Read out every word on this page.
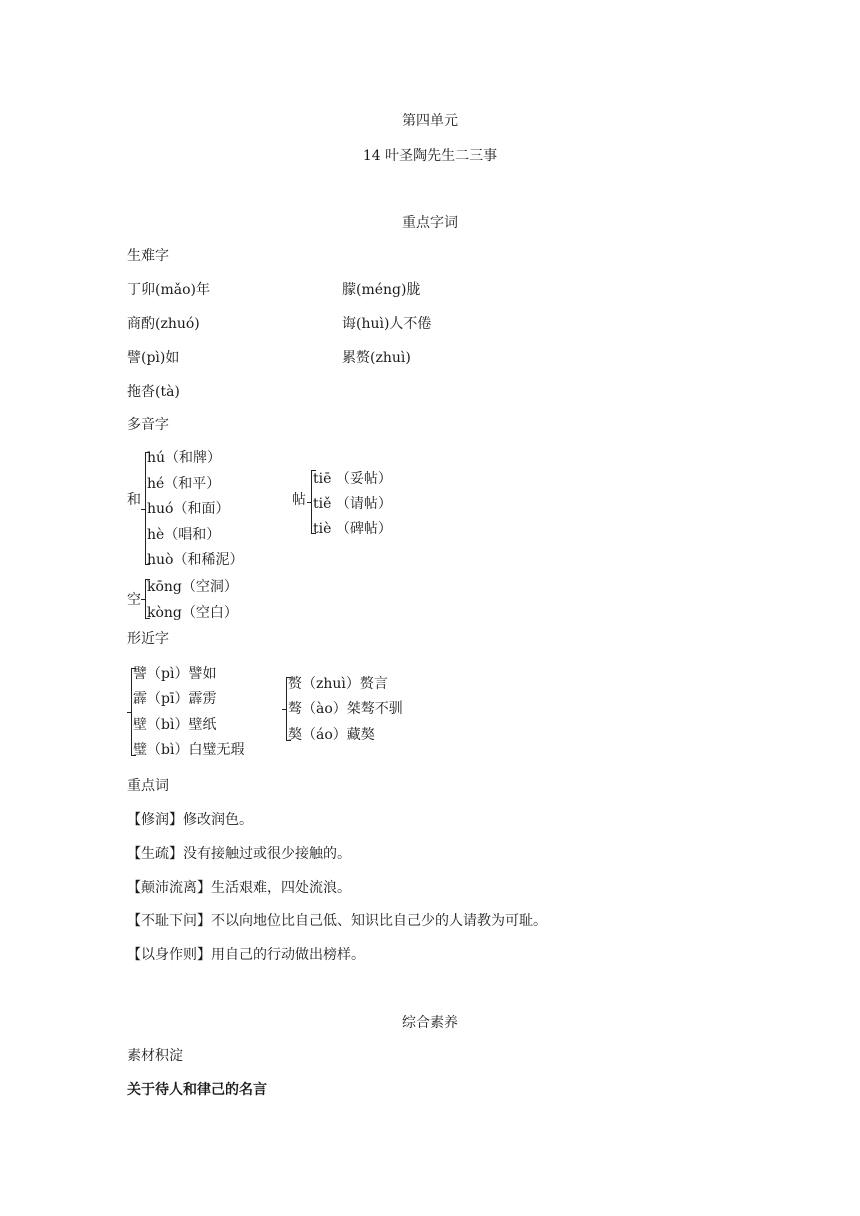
第四单元
14 叶圣陶先生二三事
重点字词
生难字
丁卯(mǎo)年	朦(méng)胧
商酌(zhuó)	诲(huì)人不倦
譬(pì)如	累赘(zhuì)
拖沓(tà)
多音字
和
hú（和牌）
hé（和平）
huó（和面）
hè（唱和）
huò（和稀泥）
帖
tiē （妥帖）
tiě （请帖）
tiè （碑帖）
空
kōng（空洞）
kòng（空白）
形近字
譬（pì）譬如
霹（pī）霹雳
壁（bì）壁纸
璧（bì）白璧无瑕
赘（zhuì）赘言
骜（ào）桀骜不驯
獒（áo）藏獒
重点词
【修润】修改润色。
【生疏】没有接触过或很少接触的。
【颠沛流离】生活艰难，四处流浪。
【不耻下问】不以向地位比自己低、知识比自己少的人请教为可耻。
【以身作则】用自己的行动做出榜样。
综合素养
素材积淀
关于待人和律己的名言
